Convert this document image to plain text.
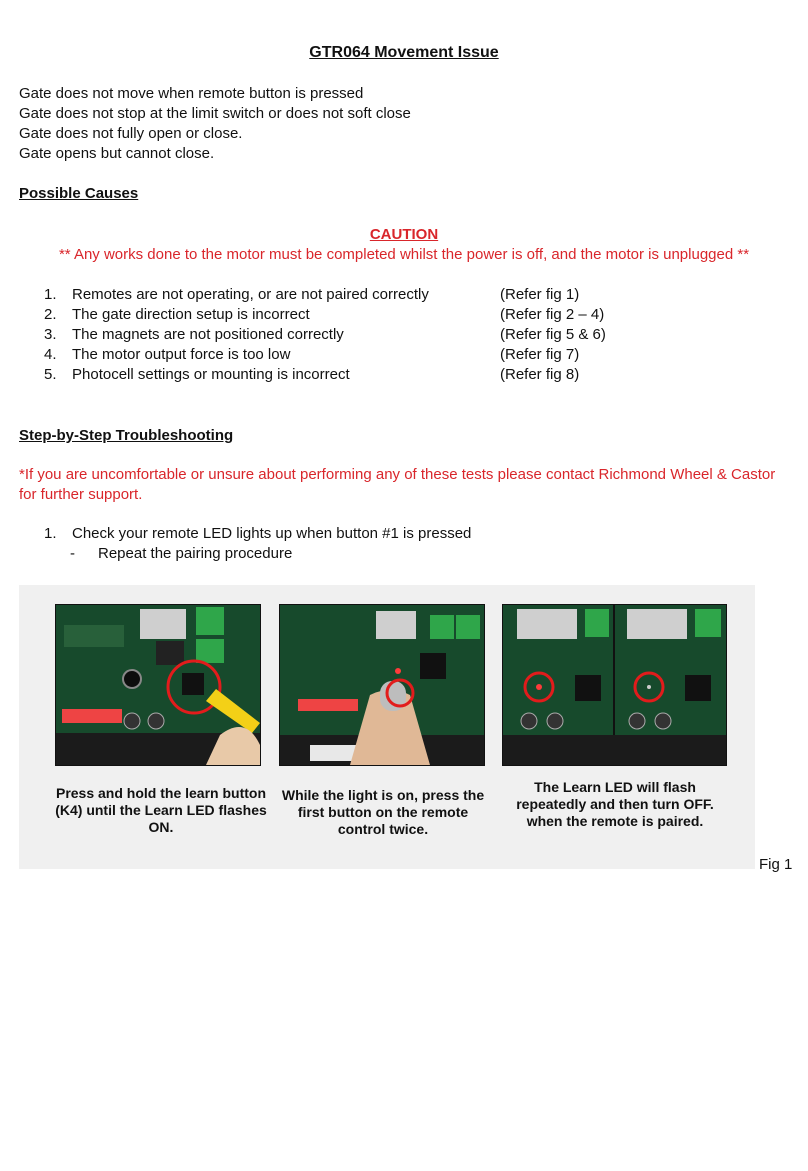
GTR064 Movement Issue
Gate does not move when remote button is pressed
Gate does not stop at the limit switch or does not soft close
Gate does not fully open or close.
Gate opens but cannot close.
Possible Causes
CAUTION
** Any works done to the motor must be completed whilst the power is off, and the motor is unplugged **
1. Remotes are not operating, or are not paired correctly	(Refer fig 1)
2. The gate direction setup is incorrect	(Refer fig 2 – 4)
3. The magnets are not positioned correctly	(Refer fig 5 & 6)
4. The motor output force is too low	(Refer fig 7)
5. Photocell settings or mounting is incorrect	(Refer fig 8)
Step-by-Step Troubleshooting
*If you are uncomfortable or unsure about performing any of these tests please contact Richmond Wheel & Castor for further support.
1. Check your remote LED lights up when button #1 is pressed
- Repeat the pairing procedure
Press and hold the learn button (K4) until the Learn LED flashes ON.
While the light is on, press the first button on the remote control twice.
The Learn LED will flash repeatedly and then turn OFF. when the remote is paired.
Fig 1
